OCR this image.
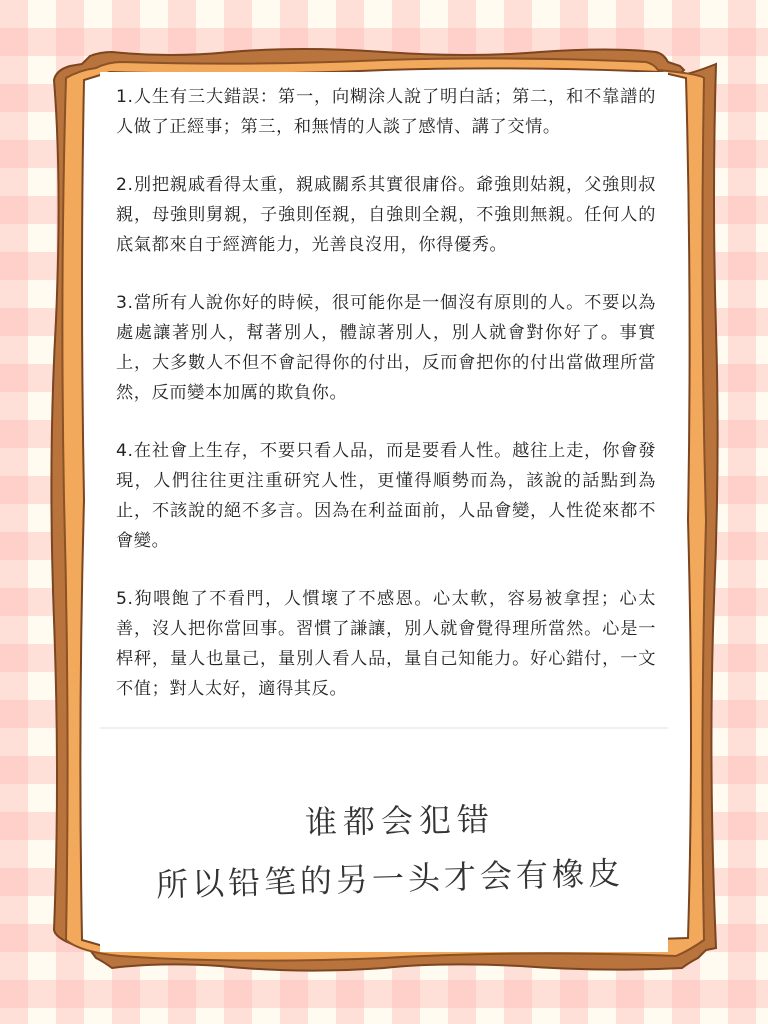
1.人生有三大錯誤：第一，向糊涂人說了明白話；第二，和不靠譜的人做了正經事；第三，和無情的人談了感情、講了交情。

2.別把親戚看得太重，親戚關系其實很庸俗。爺強則姑親，父強則叔親，母強則舅親，子強則侄親，自強則全親，不強則無親。任何人的底氣都來自于經濟能力，光善良沒用，你得優秀。

3.當所有人說你好的時候，很可能你是一個沒有原則的人。不要以為處處讓著別人，幫著別人，體諒著別人，別人就會對你好了。事實上，大多數人不但不會記得你的付出，反而會把你的付出當做理所當然，反而變本加厲的欺負你。

4.在社會上生存，不要只看人品，而是要看人性。越往上走，你會發現，人們往往更注重研究人性，更懂得順勢而為，該說的話點到為止，不該說的絕不多言。因為在利益面前，人品會變，人性從來都不會變。

5.狗喂飽了不看門，人慣壞了不感恩。心太軟，容易被拿捏；心太善，沒人把你當回事。習慣了謙讓，別人就會覺得理所當然。心是一桿秤，量人也量己，量別人看人品，量自己知能力。好心錯付，一文不值；對人太好，適得其反。

谁都会犯错
所以铅笔的另一头才会有橡皮
